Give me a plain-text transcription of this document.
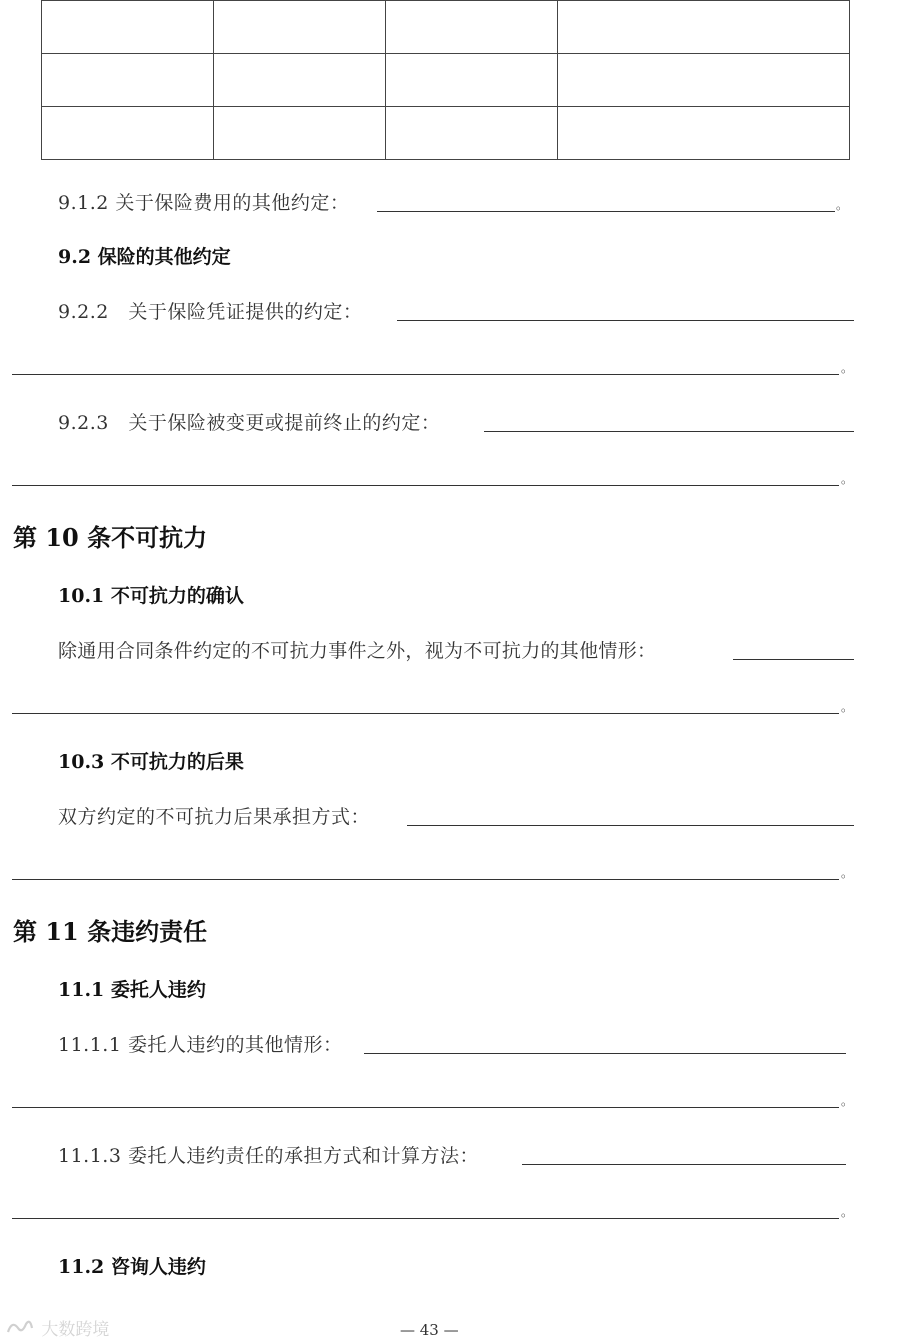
9.1.2 关于保险费用的其他约定：	。
9.2 保险的其他约定
9.2.2　关于保险凭证提供的约定：
。
9.2.3　关于保险被变更或提前终止的约定：
。
第 10 条不可抗力
10.1 不可抗力的确认
除通用合同条件约定的不可抗力事件之外，视为不可抗力的其他情形：
。
10.3 不可抗力的后果
双方约定的不可抗力后果承担方式：
。
第 11 条违约责任
11.1 委托人违约
11.1.1 委托人违约的其他情形：
。
11.1.3 委托人违约责任的承担方式和计算方法：
。
11.2 咨询人违约
— 43 —
大数跨境
